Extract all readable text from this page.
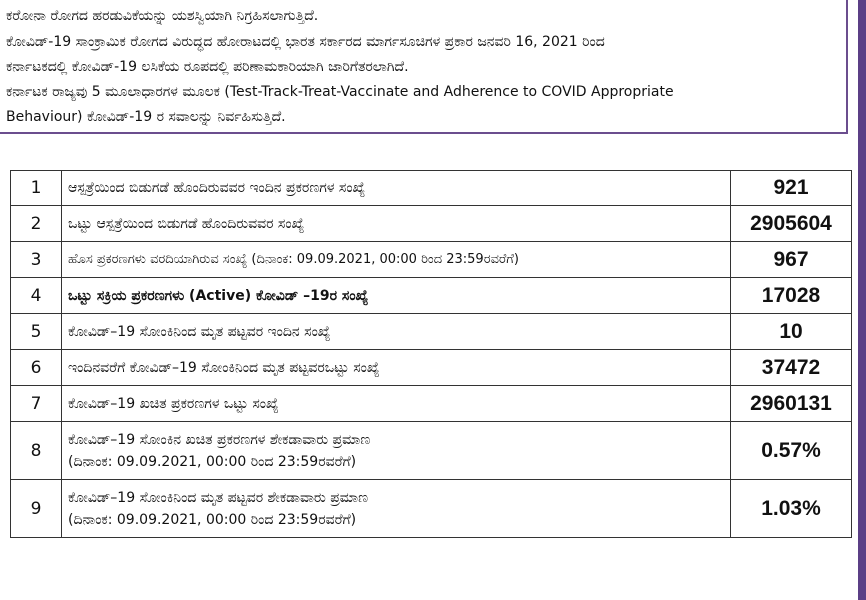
ಕರೋನಾ ರೋಗದ ಹರಡುವಿಕೆಯನ್ನು ಯಶಸ್ವಿಯಾಗಿ ನಿಗ್ರಹಿಸಲಾಗುತ್ತಿದೆ.
ಕೋವಿಡ್-19 ಸಾಂಕ್ರಾಮಿಕ ರೋಗದ ವಿರುದ್ಧದ ಹೋರಾಟದಲ್ಲಿ ಭಾರತ ಸರ್ಕಾರದ ಮಾರ್ಗಸೂಚಿಗಳ ಪ್ರಕಾರ ಜನವರಿ 16, 2021 ರಿಂದ
ಕರ್ನಾಟಕದಲ್ಲಿ ಕೋವಿಡ್-19 ಲಸಿಕೆಯ ರೂಪದಲ್ಲಿ ಪರಿಣಾಮಕಾರಿಯಾಗಿ ಜಾರಿಗೆತರಲಾಗಿದೆ.
ಕರ್ನಾಟಕ ರಾಜ್ಯವು 5 ಮೂಲಾಧಾರಗಳ ಮೂಲಕ (Test-Track-Treat-Vaccinate and Adherence to COVID Appropriate
Behaviour) ಕೋವಿಡ್-19 ರ ಸವಾಲನ್ನು ನಿರ್ವಹಿಸುತ್ತಿದೆ.
1	ಆಸ್ಪತ್ರೆಯಿಂದ ಬಿಡುಗಡೆ ಹೊಂದಿರುವವರ ಇಂದಿನ ಪ್ರಕರಣಗಳ ಸಂಖ್ಯೆ	921
2	ಒಟ್ಟು ಆಸ್ಪತ್ರೆಯಿಂದ ಬಿಡುಗಡೆ ಹೊಂದಿರುವವರ ಸಂಖ್ಯೆ	2905604
3	ಹೊಸ ಪ್ರಕರಣಗಳು ವರದಿಯಾಗಿರುವ ಸಂಖ್ಯೆ (ದಿನಾಂಕ: 09.09.2021, 00:00 ರಿಂದ 23:59ರವರೆಗೆ)	967
4	ಒಟ್ಟು ಸಕ್ರಿಯ ಪ್ರಕರಣಗಳು (Active) ಕೋವಿಡ್ –19ರ ಸಂಖ್ಯೆ	17028
5	ಕೋವಿಡ್–19 ಸೋಂಕಿನಿಂದ ಮೃತ ಪಟ್ಟವರ ಇಂದಿನ ಸಂಖ್ಯೆ	10
6	ಇಂದಿನವರೆಗೆ ಕೋವಿಡ್–19 ಸೋಂಕಿನಿಂದ ಮೃತ ಪಟ್ಟವರಒಟ್ಟು ಸಂಖ್ಯೆ	37472
7	ಕೋವಿಡ್–19 ಖಚಿತ ಪ್ರಕರಣಗಳ ಒಟ್ಟು ಸಂಖ್ಯೆ	2960131
8	ಕೋವಿಡ್–19 ಸೋಂಕಿನ ಖಚಿತ ಪ್ರಕರಣಗಳ ಶೇಕಡಾವಾರು ಪ್ರಮಾಣ
(ದಿನಾಂಕ: 09.09.2021, 00:00 ರಿಂದ 23:59ರವರೆಗೆ)	0.57%
9	ಕೋವಿಡ್–19 ಸೋಂಕಿನಿಂದ ಮೃತ ಪಟ್ಟವರ ಶೇಕಡಾವಾರು ಪ್ರಮಾಣ
(ದಿನಾಂಕ: 09.09.2021, 00:00 ರಿಂದ 23:59ರವರೆಗೆ)	1.03%
